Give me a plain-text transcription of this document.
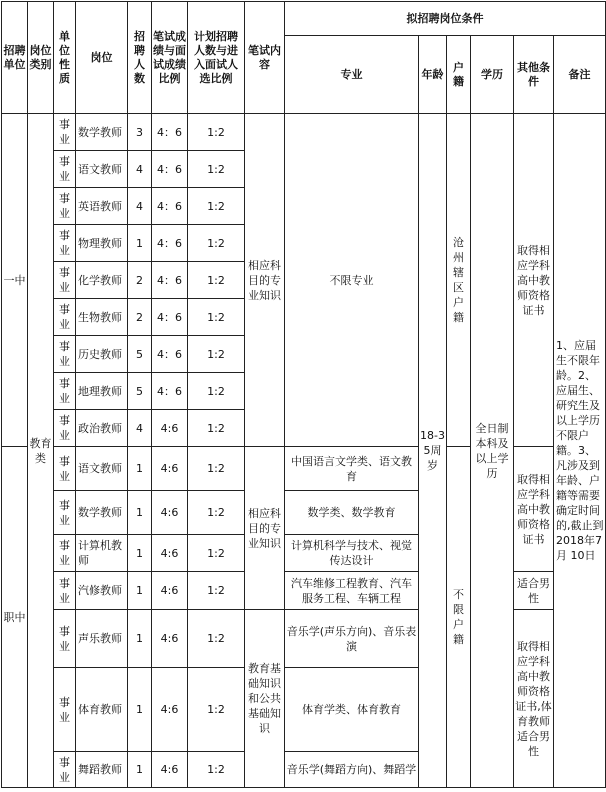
招聘单位	岗位类别	单位性质	岗位	招聘人数	笔试成绩与面试成绩比例	计划招聘人数与进入面试人选比例	笔试内容	拟招聘岗位条件					
								专业	年龄	户籍	学历	其他条件	备注
一中	教育类	事业	数学教师	3	4：6	1:2	相应科目的专业知识	不限专业	18-35周岁	沧州辖区户籍	全日制本科及以上学历	取得相应学科高中教师资格证书	1、应届生不限年龄。2、应届生、研究生及以上学历不限户籍。3、凡涉及到年龄、户籍等需要确定时间的,截止到　2018年7月 10日
		事业	语文教师	4	4：6	1:2							
		事业	英语教师	4	4：6	1:2							
		事业	物理教师	1	4：6	1:2							
		事业	化学教师	2	4：6	1:2							
		事业	生物教师	2	4：6	1:2							
		事业	历史教师	5	4：6	1:2							
		事业	地理教师	5	4：6	1:2							
		事业	政治教师	4	4:6	1:2							
职中		事业	语文教师	1	4:6	1:2	相应科目的专业知识	中国语言文学类、语文教育		不限户籍		取得相应学科高中教师资格证书	
		事业	数学教师	1	4:6	1:2		数学类、数学教育					
		事业	计算机教师	1	4:6	1:2		计算机科学与技术、视觉传达设计					
		事业	汽修教师	1	4:6	1:2		汽车维修工程教育、汽车服务工程、车辆工程				适合男性	
		事业	声乐教师	1	4:6	1:2	教育基础知识和公共基础知识	音乐学(声乐方向)、音乐表演				取得相应学科高中教师资格证书,体育教师适合男性	
		事业	体育教师	1	4:6	1:2		体育学类、体育教育					
		事业	舞蹈教师	1	4:6	1:2		音乐学(舞蹈方向)、舞蹈学					
